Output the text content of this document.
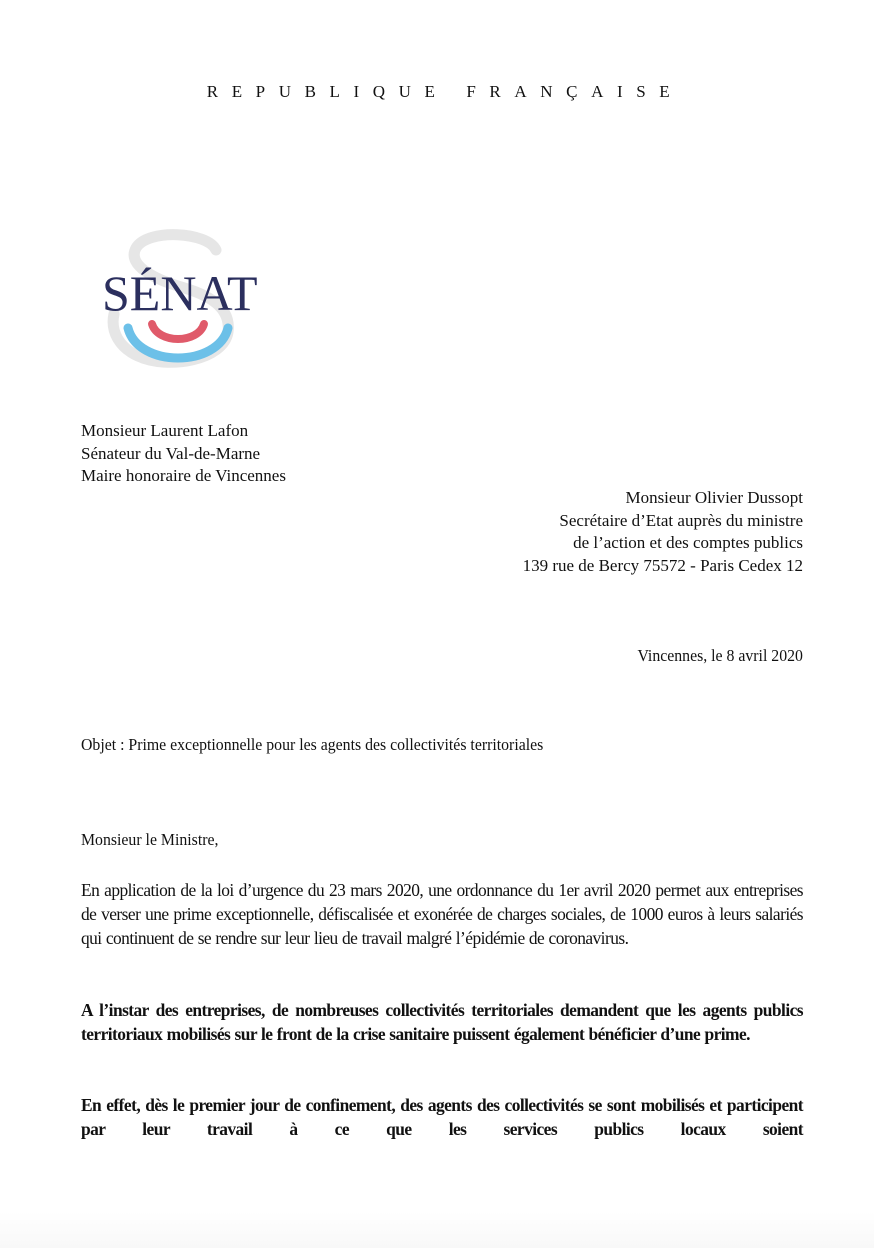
REPUBLIQUE FRANÇAISE
SÉNAT
Monsieur Laurent Lafon
Sénateur du Val-de-Marne
Maire honoraire de Vincennes
Monsieur Olivier Dussopt
Secrétaire d’Etat auprès du ministre
de l’action et des comptes publics
139 rue de Bercy 75572 - Paris Cedex 12
Vincennes, le 8 avril 2020
Objet : Prime exceptionnelle pour les agents des collectivités territoriales
Monsieur le Ministre,
En application de la loi d’urgence du 23 mars 2020, une ordonnance du 1er avril 2020 permet aux entreprises de verser une prime exceptionnelle, défiscalisée et exonérée de charges sociales, de 1000 euros à leurs salariés qui continuent de se rendre sur leur lieu de travail malgré l’épidémie de coronavirus.
A l’instar des entreprises, de nombreuses collectivités territoriales demandent que les agents publics territoriaux mobilisés sur le front de la crise sanitaire puissent également bénéficier d’une prime.
En effet, dès le premier jour de confinement, des agents des collectivités se sont mobilisés et participent par leur travail à ce que les services publics locaux soient
